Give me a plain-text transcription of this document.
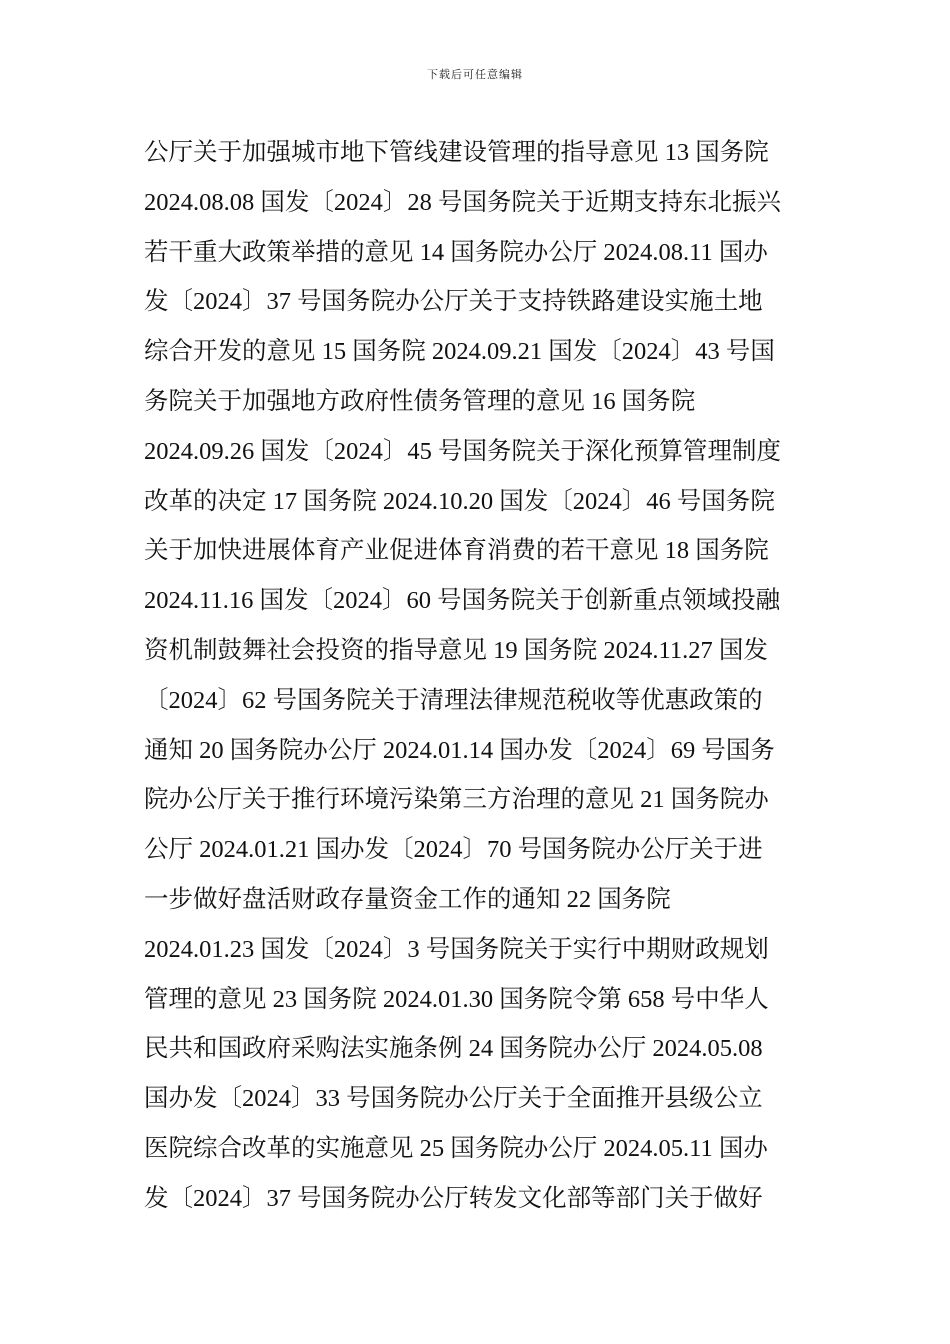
下载后可任意编辑
公厅关于加强城市地下管线建设管理的指导意见 13 国务院
2024.08.08 国发〔2024〕28 号国务院关于近期支持东北振兴
若干重大政策举措的意见 14 国务院办公厅 2024.08.11 国办
发〔2024〕37 号国务院办公厅关于支持铁路建设实施土地
综合开发的意见 15 国务院 2024.09.21 国发〔2024〕43 号国
务院关于加强地方政府性债务管理的意见 16 国务院
2024.09.26 国发〔2024〕45 号国务院关于深化预算管理制度
改革的决定 17 国务院 2024.10.20 国发〔2024〕46 号国务院
关于加快进展体育产业促进体育消费的若干意见 18 国务院
2024.11.16 国发〔2024〕60 号国务院关于创新重点领域投融
资机制鼓舞社会投资的指导意见 19 国务院 2024.11.27 国发
〔2024〕62 号国务院关于清理法律规范税收等优惠政策的
通知 20 国务院办公厅 2024.01.14 国办发〔2024〕69 号国务
院办公厅关于推行环境污染第三方治理的意见 21 国务院办
公厅 2024.01.21 国办发〔2024〕70 号国务院办公厅关于进
一步做好盘活财政存量资金工作的通知 22 国务院
2024.01.23 国发〔2024〕3 号国务院关于实行中期财政规划
管理的意见 23 国务院 2024.01.30 国务院令第 658 号中华人
民共和国政府采购法实施条例 24 国务院办公厅 2024.05.08
国办发〔2024〕33 号国务院办公厅关于全面推开县级公立
医院综合改革的实施意见 25 国务院办公厅 2024.05.11 国办
发〔2024〕37 号国务院办公厅转发文化部等部门关于做好
